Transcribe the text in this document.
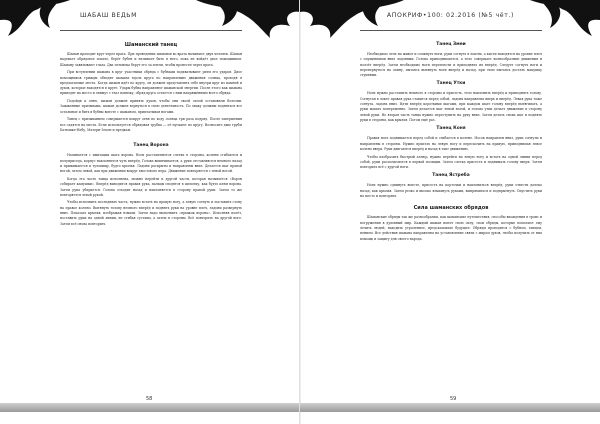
ШАБАШ ВЕДЬМ
Шаманский танец

Шаман проходит круг через врата. При проведении шаманов во врата начинают двух человек. Шаман надевает обрядовое платье, берёт бубен и начинает бить в него, пока не войдёт двое помощников. Шаману завязывают глаза. Два человека берут его за плечи, чтобы провести через врата.

При вступлении шамана в круг участники обряда с бубнами подхватывают ритм его ударов. Двое помощников трижды обводят шамана вдоль круга по направлению движения солнца, проходя в предлагаемые места. Когда шаман идёт по кругу, он должен представлять себе внутри круг из камней и духов, которые находятся в круге. Удары бубна направляют шаманской энергии. После этого как шамана приводят на место и снимут с глаз повязку, обряд круга остается с ним напряжённым всего обряда.

Подойдя к огню, шаман должен принять духов, чтобы они своей силой остановили болезни. Зажженные призывами, шаман должен вернуться в свою деятельность. По знаку должны подняться все остальные и бить в бубны вместе с шаманом, приплатывая ногами.

Танец с призыванием совершается вокруг огня по ходу солнца три раза подряд. После завершения все садятся на места. Если используется обрядовая трубка — её пускают по кругу. Возносите дым трубы Батюшке-Небу, Матери-Земле и предкам.

Танец Ворона

Начинается с имитации шага ворона. Ноги расставляются слегка в стороны, колени сгибаются и полуприседа, корпус наклоняется чуть вперёд. Голова выпячивается, а руки отставляются немного назад и прижимаются к туловищу, будто крылья. Ладони раскрыты и направлены вниз. Делается шаг правой ногой, затем левой, как при движении вокруг хвостового пера. Движение повторяется с левой ногой.

Когда эта часть танца исполнена, можно перейти к другой части, которая называется «Ворон собирает камушки». Вперёд выводится правая рука, пальцы сводятся в щепотку, как будто клюв ворона. Затем рука убирается. Голова отходит назад и наклоняется в сторону правой руки. Затем то же повторяется левой рукой.

Чтобы исполнить последнюю часть, нужно встать на правую ногу, а левую согнуть и поставить стопу на правое колено. Вытянуть голову немного вперёд и поднять руки на уровне плеч, ладони развернуть вниз. Показать крылья, изображая взмахи. Затем надо выполнить «прыжок ворона». Исполняя полёт, поставить руки на одной линии, не сгибая суставы, а затем в стороны. Всё повторить на другой ноге. Затем всё снова повторить.

58
АПОКРИФ•100: 02.2016 (№5 чёт.)
Танец Змеи

Необходимо лечь на живот и сомкнуть ноги, руки согнуть в локтях, а кисти находятся на уровне плеч с опущенными вниз ладонями. Голова приподнимается, а тело совершает волнообразные движения и ползёт вперёд. Затем необходимо ноги переплести и приподнять их вперёд. Следует согнуть ноги и перевернуться на спину, пытаясь вытянуть ноги вперёд и назад, при этом пытаясь достать макушку ступнями.

Танец Утки

Ноги нужно расставить немного в стороны и присесть, тело наклонить вперёд и приподнять голову. Согнутая в локте правая рука ставится перед собой, ладонь направлена вверх и вперёд. Левая рука тоже согнута, ладонь вниз. Идти вперёд короткими шагами, при каждом шаге голову вперёд вытягивать, а руки махать попеременно. Затем делается шаг левой ногой, и голова утки делает движение в сторону левой руки. Но вторая часть танца нужно переступить на руку вниз. Затем делать снова шаг и поднять руки в стороны, как крылья. Потом ещё раз.

Танец Коня

Правая нога поднимается перед собой и сгибается в колене. Носок направлен вниз, руки согнуты и направлены в стороны. Нужно прыгать на левую ногу и перескочить на правую, приподнимая левое колено вверх. Руки двигаются вперёд и назад в такт движению.

Чтобы изобразить быстрый аллюр, нужно перейти на левую ногу и встать на одной линии перед собой, руки располагаются в первой позиции. Затем слегка присесть и поднимать голову вверх. Затем повторить всё с другой ноги.

Танец Ястреба

Ноги нужно сдвинуть вместе, присесть на корточки и наклониться вперёд, руки отвести далеко назад, как крылья. Затем резко и высоко взмахнуть руками, выпрямиться и подпрыгнуть. Опустить руки на место и повторить.

Сила шаманских обрядов

Шаманские обряды так же разнообразны, как шаманские путешествия, способы вхождения в транс и погружения в духовный мир. Каждый шаман имеет свою силу, свои обряды, которые помогают ему лечить людей, находить утраченное, предсказывать будущее. Обряды проводятся с бубном, танцем, пением. Все действия шамана направлены на установление связи с миром духов, чтобы получить от них помощь и защиту для своего народа.

59
